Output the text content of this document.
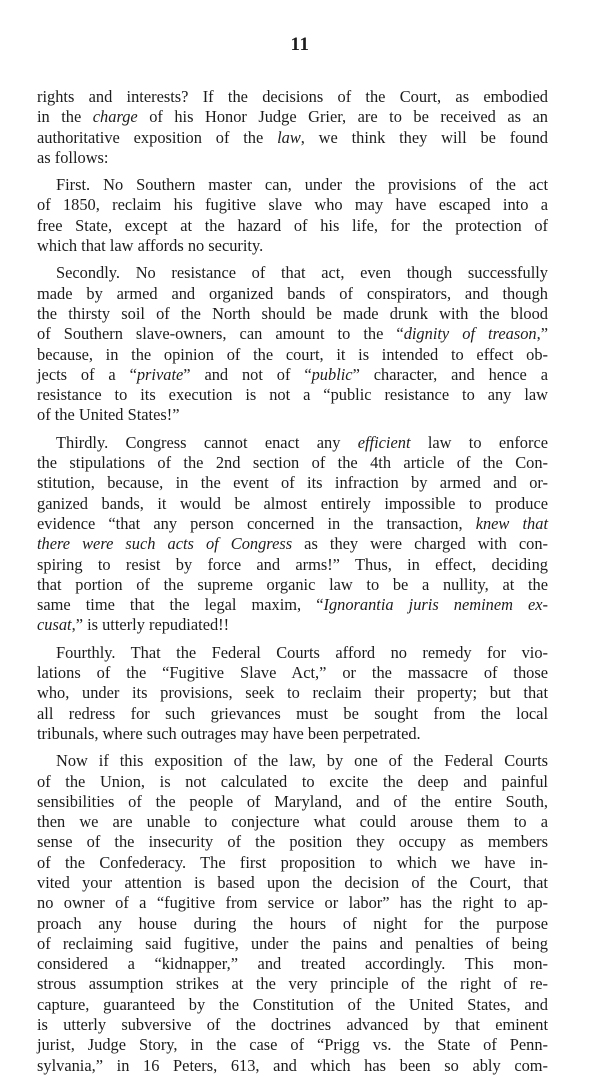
11
rights and interests? If the decisions of the Court, as embodied
in the charge of his Honor Judge Grier, are to be received as an
authoritative exposition of the law, we think they will be found
as follows:
First. No Southern master can, under the provisions of the act
of 1850, reclaim his fugitive slave who may have escaped into a
free State, except at the hazard of his life, for the protection of
which that law affords no security.
Secondly. No resistance of that act, even though successfully
made by armed and organized bands of conspirators, and though
the thirsty soil of the North should be made drunk with the blood
of Southern slave-owners, can amount to the “dignity of treason,”
because, in the opinion of the court, it is intended to effect ob-
jects of a “private” and not of “public” character, and hence a
resistance to its execution is not a “public resistance to any law
of the United States!”
Thirdly. Congress cannot enact any efficient law to enforce
the stipulations of the 2nd section of the 4th article of the Con-
stitution, because, in the event of its infraction by armed and or-
ganized bands, it would be almost entirely impossible to produce
evidence “that any person concerned in the transaction, knew that
there were such acts of Congress as they were charged with con-
spiring to resist by force and arms!” Thus, in effect, deciding
that portion of the supreme organic law to be a nullity, at the
same time that the legal maxim, “Ignorantia juris neminem ex-
cusat,” is utterly repudiated!!
Fourthly. That the Federal Courts afford no remedy for vio-
lations of the “Fugitive Slave Act,” or the massacre of those
who, under its provisions, seek to reclaim their property; but that
all redress for such grievances must be sought from the local
tribunals, where such outrages may have been perpetrated.
Now if this exposition of the law, by one of the Federal Courts
of the Union, is not calculated to excite the deep and painful
sensibilities of the people of Maryland, and of the entire South,
then we are unable to conjecture what could arouse them to a
sense of the insecurity of the position they occupy as members
of the Confederacy. The first proposition to which we have in-
vited your attention is based upon the decision of the Court, that
no owner of a “fugitive from service or labor” has the right to ap-
proach any house during the hours of night for the purpose
of reclaiming said fugitive, under the pains and penalties of being
considered a “kidnapper,” and treated accordingly. This mon-
strous assumption strikes at the very principle of the right of re-
capture, guaranteed by the Constitution of the United States, and
is utterly subversive of the doctrines advanced by that eminent
jurist, Judge Story, in the case of “Prigg vs. the State of Penn-
sylvania,” in 16 Peters, 613, and which has been so ably com-
